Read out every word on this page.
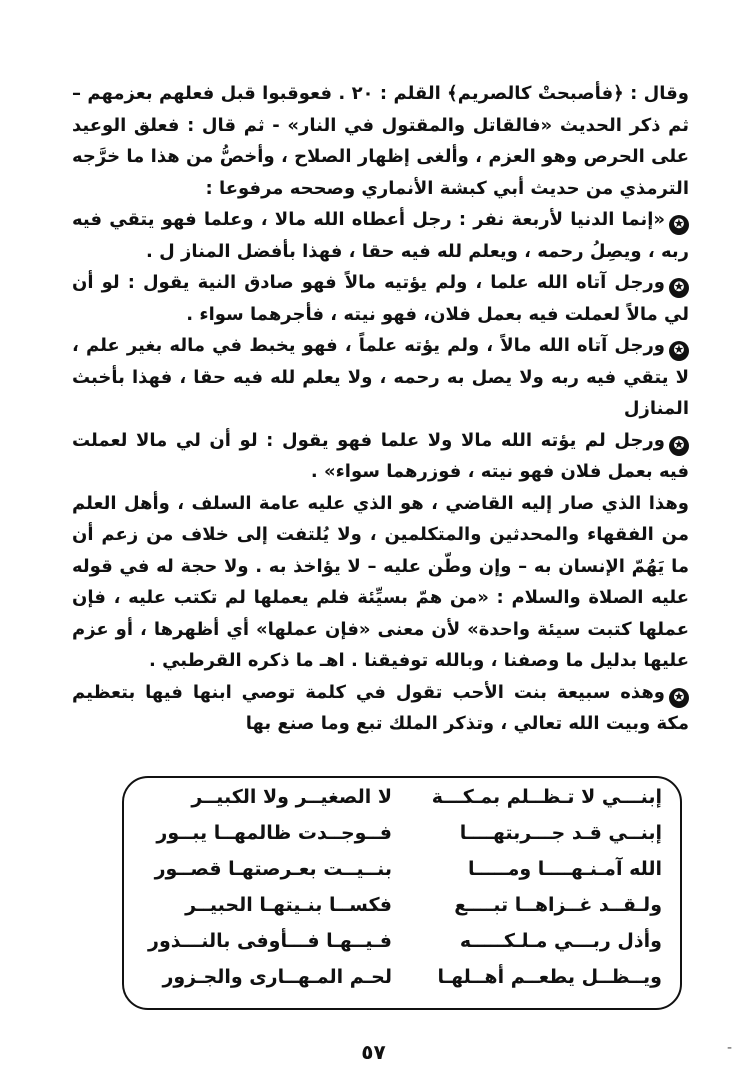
وقال : ﴿فأصبحتْ كالصريم﴾ القلم : ٢٠ . فعوقبوا قبل فعلهم بعزمهم – ثم ذكر الحديث «فالقاتل والمقتول في النار» - ثم قال : فعلق الوعيد على الحرص وهو العزم ، وألغى إظهار الصلاح ، وأخصُّ من هذا ما خرَّجه الترمذي من حديث أبي كبشة الأنماري وصححه مرفوعا :

✪«إنما الدنيا لأربعة نفر : رجل أعطاه الله مالا ، وعلما فهو يتقي فيه ربه ، ويصِلُ رحمه ، ويعلم لله فيه حقا ، فهذا بأفضل المناز ل .

✪ورجل آتاه الله علما ، ولم يؤتيه مالاً فهو صادق النية يقول : لو أن لي مالاً لعملت فيه بعمل فلان، فهو نيته ، فأجرهما سواء .

✪ورجل آتاه الله مالاً ، ولم يؤته علماً ، فهو يخبط في ماله بغير علم ، لا يتقي فيه ربه ولا يصل به رحمه ، ولا يعلم لله فيه حقا ، فهذا بأخبث المنازل

✪ورجل لم يؤته الله مالا ولا علما فهو يقول : لو أن لي مالا لعملت فيه بعمل فلان فهو نيته ، فوزرهما سواء» .

وهذا الذي صار إليه القاضي ، هو الذي عليه عامة السلف ، وأهل العلم من الفقهاء والمحدثين والمتكلمين ، ولا يُلتفت إلى خلاف من زعم أن ما يَهُمّ الإنسان به – وإن وطّن عليه – لا يؤاخذ به . ولا حجة له في قوله عليه الصلاة والسلام : «من همّ بسيِّئة فلم يعملها لم تكتب عليه ، فإن عملها كتبت سيئة واحدة» لأن معنى «فإن عملها» أي أظهرها ، أو عزم عليها بدليل ما وصفنا ، وبالله توفيقنا . اهـ ما ذكره القرطبي .

✪وهذه سبيعة بنت الأحب تقول في كلمة توصي ابنها فيها بتعظيم مكة وبيت الله تعالي ، وتذكر الملك تبع وما صنع بها

إبنـــي لا تـظــلم بمـكـــة
لا الصغيــر ولا الكبيــر
إبنــي قـد جـــربتهــــا
فــوجــدت ظالمهــا يبــور
الله آمـنـهــــا ومـــــا
بنــيــت بعـرصتهـا قصــور
ولـقــد غــزاهــا تبــــع
فكســا بنـيتهـا الحبيــر
وأذل ربـــي مـلـكـــــه
فـيــهـا فـــأوفى بالنـــذور
ويــظــل يطعــم أهــلهـا
لحـم المـهــارى والجـزور
٥٧	-
